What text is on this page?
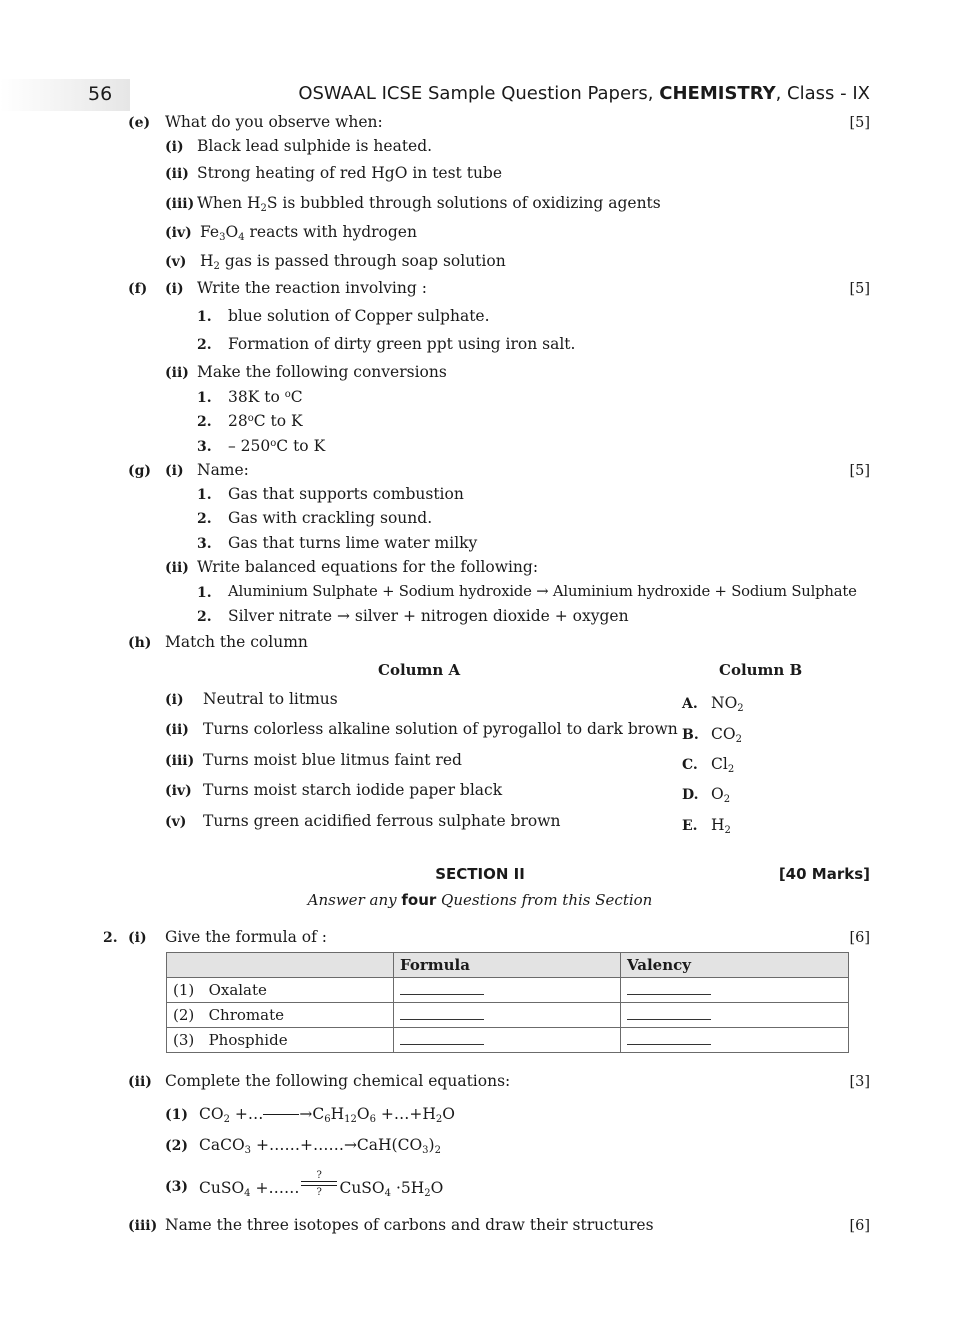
56	OSWAAL ICSE Sample Question Papers, CHEMISTRY, Class - IX
(e) What do you observe when:	[5]
(i) Black lead sulphide is heated.
(ii) Strong heating of red HgO in test tube
(iii) When $H_2S$ is bubbled through solutions of oxidizing agents
(iv) $Fe_3O_4$ reacts with hydrogen
(v) $H_2$ gas is passed through soap solution
(f) (i) Write the reaction involving :	[5]
1. blue solution of Copper sulphate.
2. Formation of dirty green ppt using iron salt.
(ii) Make the following conversions
1. 38K to $^o$C
2. 28$^o$C to K
3. – 250$^o$C to K
(g) (i) Name:	[5]
1. Gas that supports combustion
2. Gas with crackling sound.
3. Gas that turns lime water milky
(ii) Write balanced equations for the following:
1. Aluminium Sulphate + Sodium hydroxide → Aluminium hydroxide + Sodium Sulphate
2. Silver nitrate → silver + nitrogen dioxide + oxygen
(h) Match the column
Column A	Column B
(i) Neutral to litmus	A. $NO_2$
(ii) Turns colorless alkaline solution of pyrogallol to dark brown B. $CO_2$
(iii) Turns moist blue litmus faint red	C. $Cl_2$
(iv) Turns moist starch iodide paper black	D. $O_2$
(v) Turns green acidified ferrous sulphate brown	E. $H_2$
SECTION II	[40 Marks]
Answer any four Questions from this Section
2. (i) Give the formula of :	[6]
	Formula	Valency
(1) Oxalate		
(2) Chromate		
(3) Phosphide		
(ii) Complete the following chemical equations:	[3]
(1) $CO_2$ +… $\to C_6H_{12}O_6$ $+\dots+H_2O$
(2) CaCO$_3$ $+\dots\dots+\dots\dots\to CaH(CO_3)_2$
(3) CuSO$_4$ +……
?
? CuSO$_4$ $\cdot 5H_2O$
(iii) Name the three isotopes of carbons and draw their structures	[6]
